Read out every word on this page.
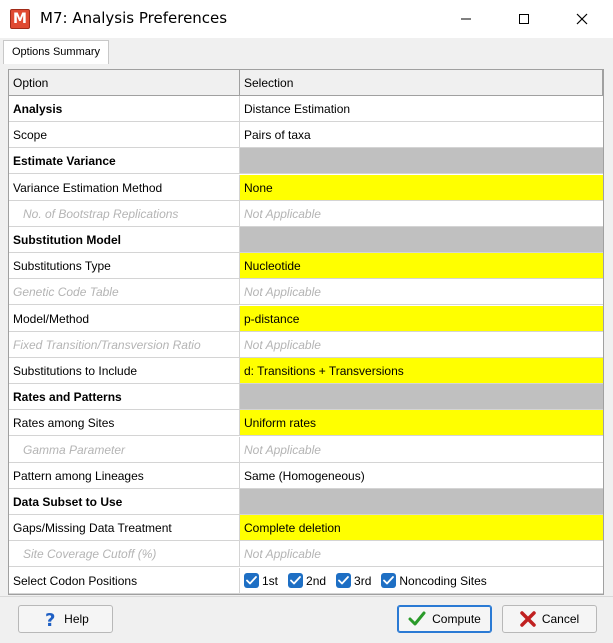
M M7: Analysis Preferences
Options Summary
Option	Selection
Analysis	Distance Estimation
Scope	Pairs of taxa
Estimate Variance
Variance Estimation Method	None
No. of Bootstrap Replications	Not Applicable
Substitution Model
Substitutions Type	Nucleotide
Genetic Code Table	Not Applicable
Model/Method	p-distance
Fixed Transition/Transversion Ratio	Not Applicable
Substitutions to Include	d: Transitions + Transversions
Rates and Patterns
Rates among Sites	Uniform rates
Gamma Parameter	Not Applicable
Pattern among Lineages	Same (Homogeneous)
Data Subset to Use
Gaps/Missing Data Treatment	Complete deletion
Site Coverage Cutoff (%)	Not Applicable
Select Codon Positions	1st 2nd 3rd Noncoding Sites
? Help	Compute	Cancel
